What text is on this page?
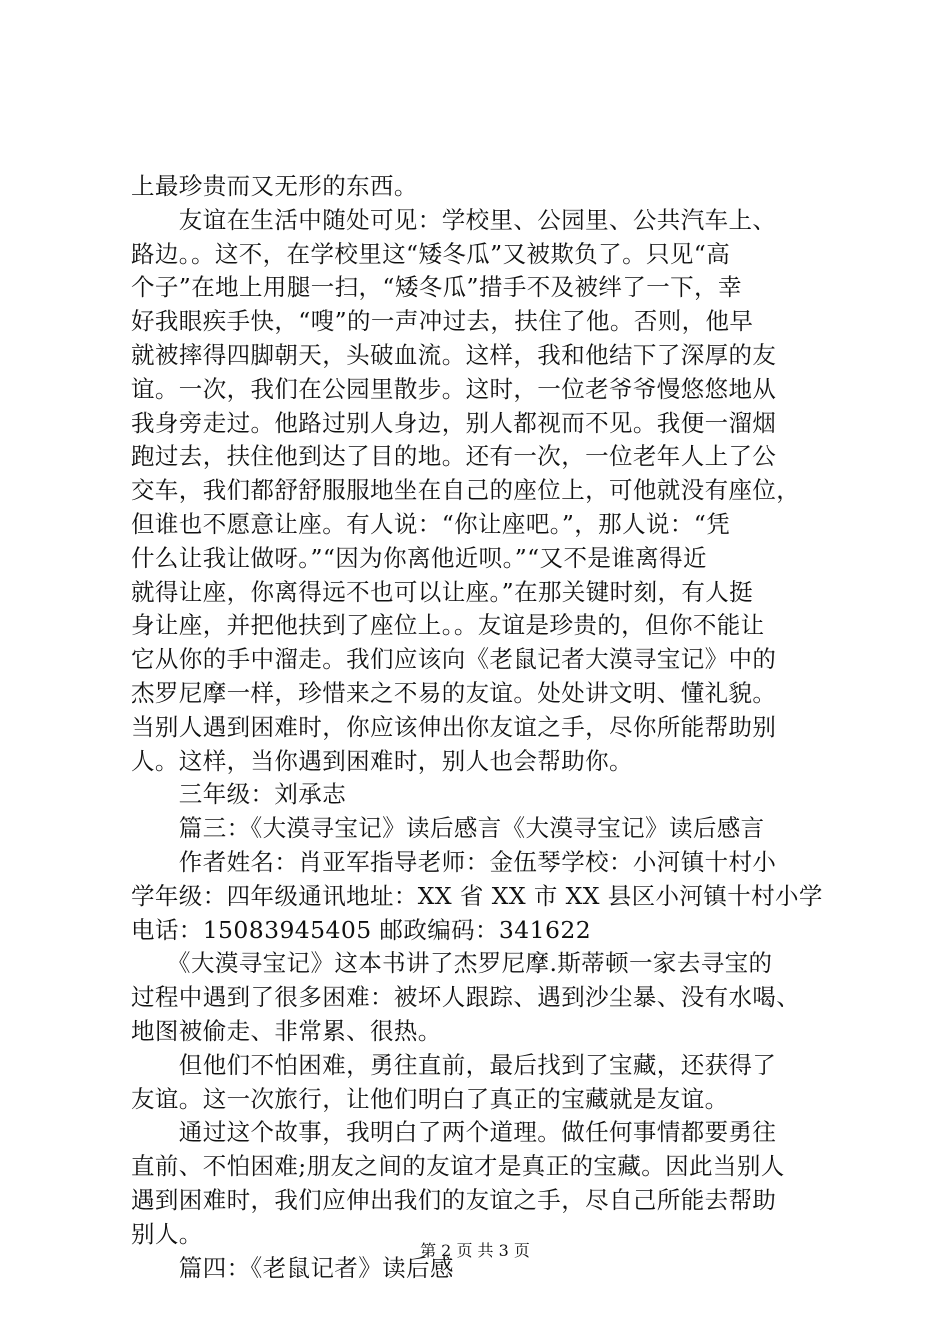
上最珍贵而又无形的东西。
　　友谊在生活中随处可见：学校里、公园里、公共汽车上、
路边。。这不，在学校里这“矮冬瓜”又被欺负了。只见“高
个子”在地上用腿一扫，“矮冬瓜”措手不及被绊了一下，幸
好我眼疾手快，“嗖”的一声冲过去，扶住了他。否则，他早
就被摔得四脚朝天，头破血流。这样，我和他结下了深厚的友
谊。一次，我们在公园里散步。这时，一位老爷爷慢悠悠地从
我身旁走过。他路过别人身边，别人都视而不见。我便一溜烟
跑过去，扶住他到达了目的地。还有一次，一位老年人上了公
交车，我们都舒舒服服地坐在自己的座位上，可他就没有座位，
但谁也不愿意让座。有人说：“你让座吧。”，那人说：“凭
什么让我让做呀。”“因为你离他近呗。”“又不是谁离得近
就得让座，你离得远不也可以让座。”在那关键时刻，有人挺
身让座，并把他扶到了座位上。。友谊是珍贵的，但你不能让
它从你的手中溜走。我们应该向《老鼠记者大漠寻宝记》中的
杰罗尼摩一样，珍惜来之不易的友谊。处处讲文明、懂礼貌。
当别人遇到困难时，你应该伸出你友谊之手，尽你所能帮助别
人。这样，当你遇到困难时，别人也会帮助你。
　　三年级：刘承志
　　篇三：《大漠寻宝记》读后感言《大漠寻宝记》读后感言
　　作者姓名：肖亚军指导老师：金伍琴学校：小河镇十村小
学年级：四年级通讯地址：XX 省 XX 市 XX 县区小河镇十村小学
电话：15083945405 邮政编码：341622
　　《大漠寻宝记》这本书讲了杰罗尼摩.斯蒂顿一家去寻宝的
过程中遇到了很多困难：被坏人跟踪、遇到沙尘暴、没有水喝、
地图被偷走、非常累、很热。
　　但他们不怕困难，勇往直前，最后找到了宝藏，还获得了
友谊。这一次旅行，让他们明白了真正的宝藏就是友谊。
　　通过这个故事，我明白了两个道理。做任何事情都要勇往
直前、不怕困难;朋友之间的友谊才是真正的宝藏。因此当别人
遇到困难时，我们应伸出我们的友谊之手，尽自己所能去帮助
别人。
　　篇四：《老鼠记者》读后感
第 2 页 共 3 页
